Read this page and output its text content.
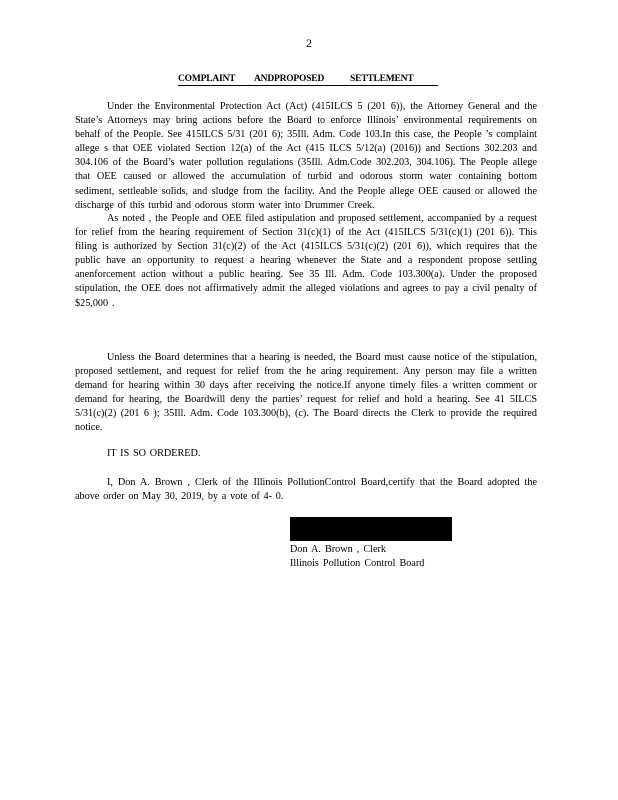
2
COMPLAINT ANDPROPOSED	SETTLEMENT

Under the Environmental Protection Act (Act) (415ILCS 5 (201 6)), the Attorney General and the State’s Attorneys may bring actions before the Board to enforce Illinois’ environmental requirements on behalf of the People. See 415ILCS 5/31 (201 6); 35Ill. Adm. Code 103.In this case, the People ’s complaint allege s that OEE violated Section 12(a) of the Act (415 ILCS 5/12(a) (2016)) and Sections 302.203 and 304.106 of the Board’s water pollution regulations (35Ill. Adm.Code 302.203, 304.106). The People allege that OEE caused or allowed the accumulation of turbid and odorous storm water containing bottom sediment, settleable solids, and sludge from the facility. And the People allege OEE caused or allowed the discharge of this turbid and odorous storm water into Drummer Creek.

As noted , the People and OEE filed astipulation and proposed settlement, accompanied by a request for relief from the hearing requirement of Section 31(c)(1) of the Act (415ILCS 5/31(c)(1) (201 6)). This filing is authorized by Section 31(c)(2) of the Act (415ILCS 5/31(c)(2) (201 6)), which requires that the public have an opportunity to request a hearing whenever the State and a respondent propose settling anenforcement action without a public hearing. See 35 Ill. Adm. Code 103.300(a). Under the proposed stipulation, the OEE does not affirmatively admit the alleged violations and agrees to pay a civil penalty of $25,000 .

Unless the Board determines that a hearing is needed, the Board must cause notice of the stipulation, proposed settlement, and request for relief from the he aring requirement. Any person may file a written demand for hearing within 30 days after receiving the notice.If anyone timely files a written comment or demand for hearing, the Boardwill deny the parties’ request for relief and hold a hearing. See 41 5ILCS 5/31(c)(2) (201 6 ); 35Ill. Adm. Code 103.300(b), (c). The Board directs the Clerk to provide the required notice.

IT IS SO ORDERED.

I, Don A. Brown , Clerk of the Illinois PollutionControl Board,certify that the Board adopted the above order on May 30, 2019, by a vote of 4- 0.

Don A. Brown , Clerk
Illinois Pollution Control Board
